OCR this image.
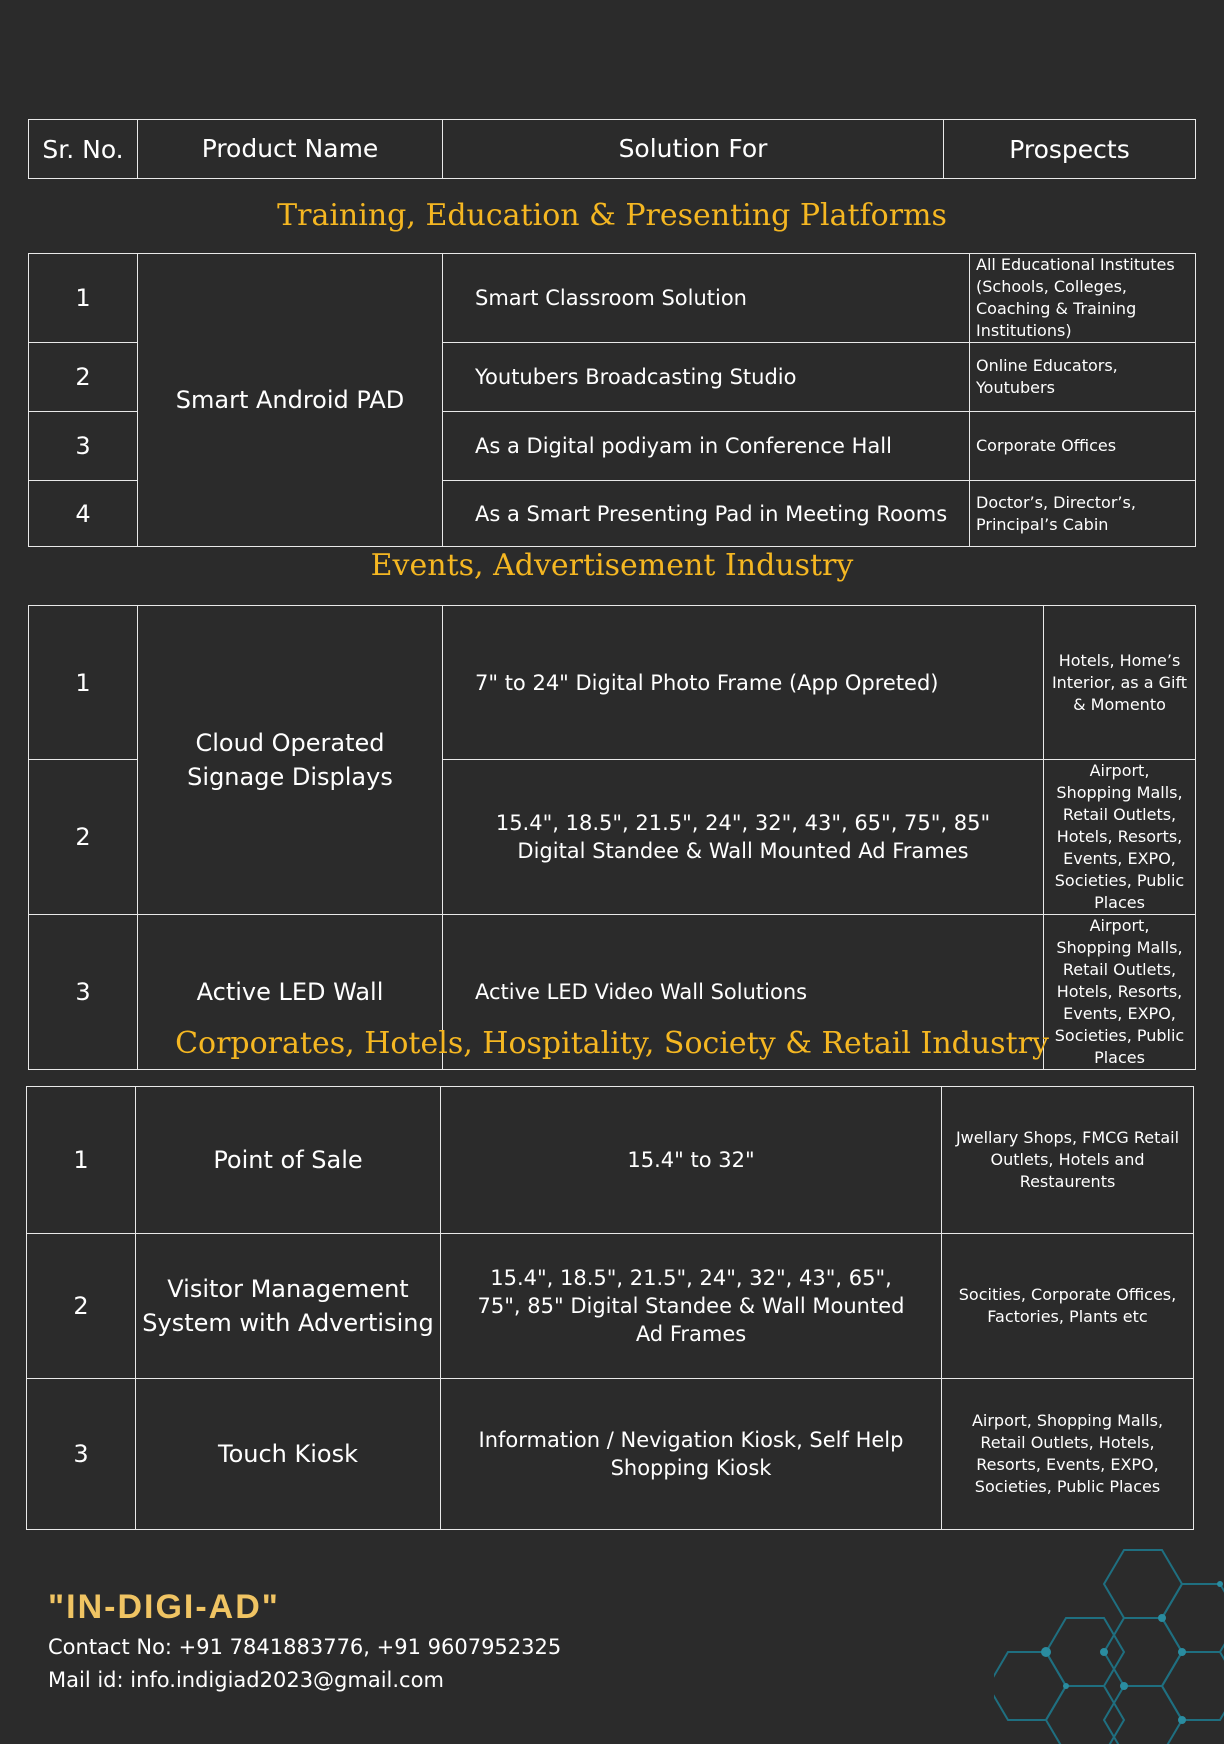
Sr. No.	Product Name	Solution For	Prospects
Training, Education & Presenting Platforms
1	Smart Android PAD	Smart Classroom Solution	All Educational Institutes (Schools, Colleges, Coaching & Training Institutions)
2		Youtubers Broadcasting Studio	Online Educators, Youtubers
3		As a Digital podiyam in Conference Hall	Corporate Offices
4		As a Smart Presenting Pad in Meeting Rooms	Doctor’s, Director’s, Principal’s Cabin
Events, Advertisement Industry
1	Cloud Operated Signage Displays	7" to 24" Digital Photo Frame (App Opreted)	Hotels, Home’s Interior, as a Gift & Momento
2		15.4", 18.5", 21.5", 24", 32", 43", 65", 75", 85" Digital Standee & Wall Mounted Ad Frames	Airport, Shopping Malls, Retail Outlets, Hotels, Resorts, Events, EXPO, Societies, Public Places
3	Active LED Wall	Active LED Video Wall Solutions	Airport, Shopping Malls, Retail Outlets, Hotels, Resorts, Events, EXPO, Societies, Public Places
Corporates, Hotels, Hospitality, Society & Retail Industry
1	Point of Sale	15.4" to 32"	Jwellary Shops, FMCG Retail Outlets, Hotels and Restaurents
2	Visitor Management System with Advertising	15.4", 18.5", 21.5", 24", 32", 43", 65", 75", 85" Digital Standee & Wall Mounted Ad Frames	Socities, Corporate Offices, Factories, Plants etc
3	Touch Kiosk	Information / Nevigation Kiosk, Self Help Shopping Kiosk	Airport, Shopping Malls, Retail Outlets, Hotels, Resorts, Events, EXPO, Societies, Public Places
"IN-DIGI-AD"
Contact No: +91 7841883776, +91 9607952325
Mail id: info.indigiad2023@gmail.com
